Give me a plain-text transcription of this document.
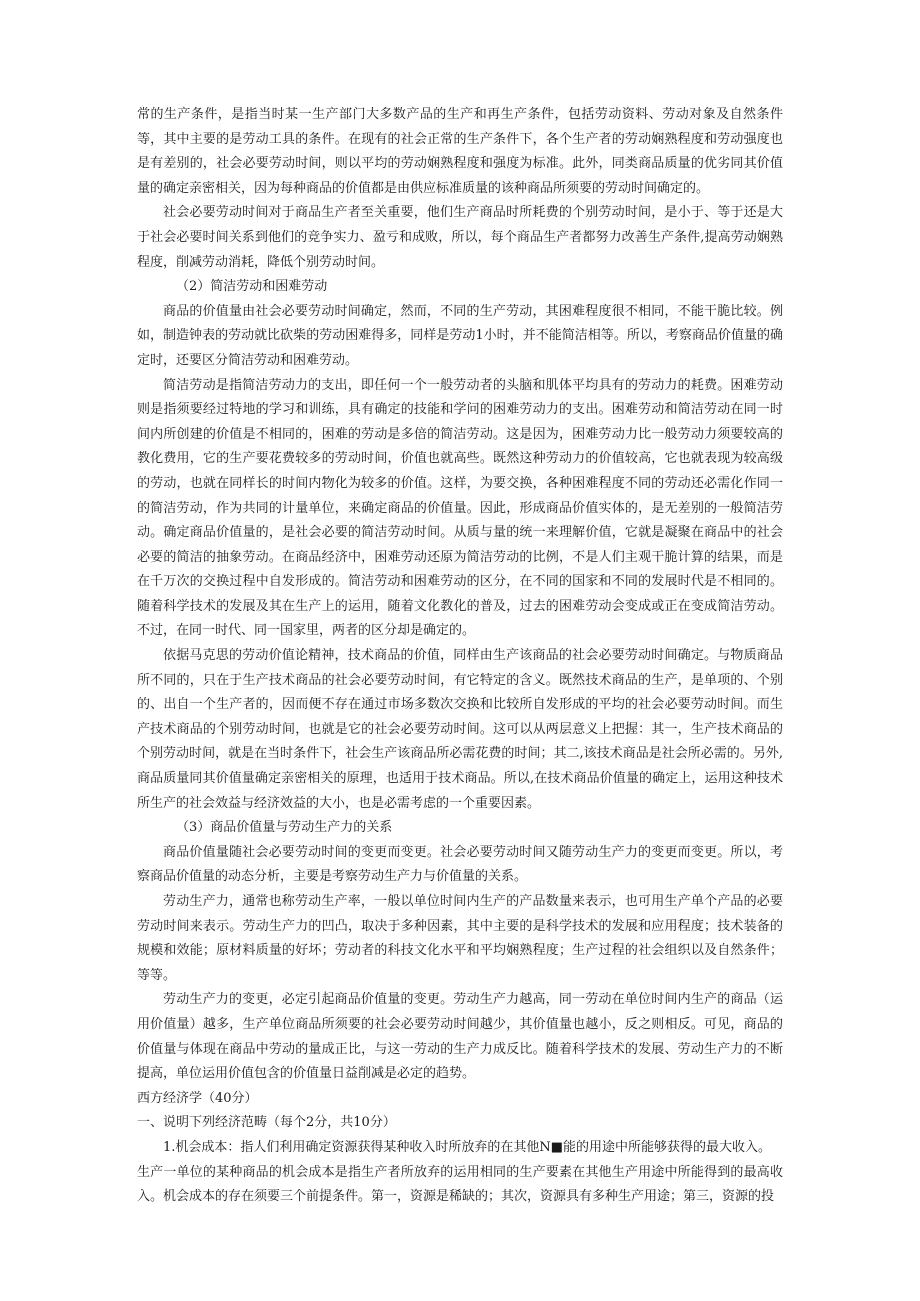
常的生产条件，是指当时某一生产部门大多数产品的生产和再生产条件，包括劳动资料、劳动对象及自然条件等，其中主要的是劳动工具的条件。在现有的社会正常的生产条件下，各个生产者的劳动娴熟程度和劳动强度也是有差别的，社会必要劳动时间，则以平均的劳动娴熟程度和强度为标准。此外，同类商品质量的优劣同其价值量的确定亲密相关，因为每种商品的价值都是由供应标准质量的该种商品所须要的劳动时间确定的。

社会必要劳动时间对于商品生产者至关重要，他们生产商品时所耗费的个别劳动时间，是小于、等于还是大于社会必要时间关系到他们的竞争实力、盈亏和成败，所以，每个商品生产者都努力改善生产条件,提高劳动娴熟程度，削减劳动消耗，降低个别劳动时间。

（2）简洁劳动和困难劳动

商品的价值量由社会必要劳动时间确定，然而，不同的生产劳动，其困难程度很不相同，不能干脆比较。例如，制造钟表的劳动就比砍柴的劳动困难得多，同样是劳动1小时，并不能简洁相等。所以，考察商品价值量的确定时，还要区分简洁劳动和困难劳动。

简洁劳动是指简洁劳动力的支出，即任何一个一般劳动者的头脑和肌体平均具有的劳动力的耗费。困难劳动则是指须要经过特地的学习和训练，具有确定的技能和学问的困难劳动力的支出。困难劳动和简洁劳动在同一时间内所创建的价值是不相同的，困难的劳动是多倍的简洁劳动。这是因为，困难劳动力比一般劳动力须要较高的教化费用，它的生产要花费较多的劳动时间，价值也就高些。既然这种劳动力的价值较高，它也就表现为较高级的劳动，也就在同样长的时间内物化为较多的价值。这样，为要交换，各种困难程度不同的劳动还必需化作同一的简洁劳动，作为共同的计量单位，来确定商品的价值量。因此，形成商品价值实体的，是无差别的一般简洁劳动。确定商品价值量的，是社会必要的简洁劳动时间。从质与量的统一来理解价值，它就是凝聚在商品中的社会必要的简洁的抽象劳动。在商品经济中，困难劳动还原为简洁劳动的比例，不是人们主观干脆计算的结果，而是在千万次的交换过程中自发形成的。简洁劳动和困难劳动的区分，在不同的国家和不同的发展时代是不相同的。随着科学技术的发展及其在生产上的运用，随着文化教化的普及，过去的困难劳动会变成或正在变成简洁劳动。不过，在同一时代、同一国家里，两者的区分却是确定的。

依据马克思的劳动价值论精神，技术商品的价值，同样由生产该商品的社会必要劳动时间确定。与物质商品所不同的，只在于生产技术商品的社会必要劳动时间，有它特定的含义。既然技术商品的生产，是单项的、个别的、出自一个生产者的，因而便不存在通过市场多数次交换和比较所自发形成的平均的社会必要劳动时间。而生产技术商品的个别劳动时间，也就是它的社会必要劳动时间。这可以从两层意义上把握：其一，生产技术商品的个别劳动时间，就是在当时条件下，社会生产该商品所必需花费的时间；其二,该技术商品是社会所必需的。另外,商品质量同其价值量确定亲密相关的原理，也适用于技术商品。所以,在技术商品价值量的确定上，运用这种技术所生产的社会效益与经济效益的大小，也是必需考虑的一个重要因素。

（3）商品价值量与劳动生产力的关系

商品价值量随社会必要劳动时间的变更而变更。社会必要劳动时间又随劳动生产力的变更而变更。所以，考察商品价值量的动态分析，主要是考察劳动生产力与价值量的关系。

劳动生产力，通常也称劳动生产率，一般以单位时间内生产的产品数量来表示，也可用生产单个产品的必要劳动时间来表示。劳动生产力的凹凸，取决于多种因素，其中主要的是科学技术的发展和应用程度；技术装备的规模和效能；原材料质量的好坏；劳动者的科技文化水平和平均娴熟程度；生产过程的社会组织以及自然条件；等等。

劳动生产力的变更，必定引起商品价值量的变更。劳动生产力越高，同一劳动在单位时间内生产的商品（运用价值量）越多，生产单位商品所须要的社会必要劳动时间越少，其价值量也越小，反之则相反。可见，商品的价值量与体现在商品中劳动的量成正比，与这一劳动的生产力成反比。随着科学技术的发展、劳动生产力的不断提高，单位运用价值包含的价值量日益削减是必定的趋势。

西方经济学（40分）

一、说明下列经济范畴（每个2分，共10分）

1.机会成本：指人们利用确定资源获得某种收入时所放弃的在其他N■能的用途中所能够获得的最大收入。

生产一单位的某种商品的机会成本是指生产者所放弃的运用相同的生产要素在其他生产用途中所能得到的最高收入。机会成本的存在须要三个前提条件。第一，资源是稀缺的；其次，资源具有多种生产用途；第三，资源的投
